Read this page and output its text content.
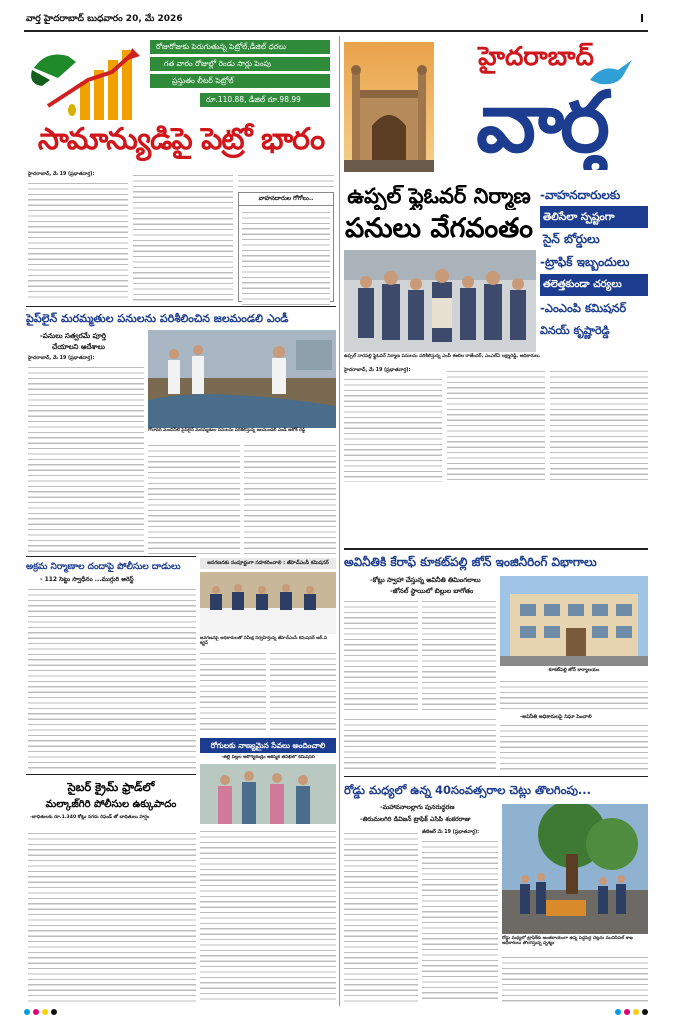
వార్త హైదరాబాద్ బుధవారం 20, మే 2026	I
రోజురోజుకు పెరుగుతున్న పెట్రోల్,డీజిల్ ధరలు
గత వారం రోజుల్లో రెండు సార్లు పెంపు
ప్రస్తుతం లీటర్ పెట్రోల్
రూ.110.88, డీజిల్ రూ.98.99
సామాన్యుడిపై పెట్రో భారం
హైదరాబాద్, మే 19 (ప్రభాతవార్త):
వాహనదారుల గోగోలు..
హైదరాబాద్
వార్త
ఉప్పల్ ఫ్లైఓవర్ నిర్మాణ
పనులు వేగవంతం
-వాహనదారులకు
తెలిసేలా స్పష్టంగా
సైన్ బోర్డులు
-ట్రాఫిక్ ఇబ్బందులు
తలెత్తకుండా చర్యలు
-ఎంఎంపి కమిషనర్
వినయ్ కృష్ణారెడ్డి
ఉప్పల్ నారపల్లి ఫ్లైఓవర్ నిర్మాణ పనులను పరిశీలిస్తున్న ఎంపీ ఈటెల రాజేందర్, ఎంఎల్ఏ లక్ష్మారెడ్డి, అధికారులు
హైదరాబాద్, మే 19 (ప్రభాతవార్త):
పైప్‌లైన్ మరమ్మతుల పనులను పరిశీలించిన జలమండలి ఎండీ
-పనులు సత్వరమే పూర్తి
చేయాలని ఆదేశాలు
హైదరాబాద్, మే 19 (ప్రభాతవార్త):
గోదావరి మంచినీటి పైప్‌లైన్ మరమ్మతుల పనులను పరిశీలిస్తున్న జలమండలి ఎండీ అశోక్ రెడ్డి
అక్రమ నిర్మాణాల దందాపై పోలీసుల దాడులు
- 112 సెట్టు స్వాధీనం ...ముగ్గురి అరెస్ట్
జనగణనకు సంపూర్ణంగా సహకరించాలి : జీహెచ్ఎంసీ కమిషనర్
జనగణనపై అధికారులతో సమీక్ష నిర్వహిస్తున్న జీహెచ్ఎంసీ కమిషనర్ ఆర్.వి కర్ణన్
రోగులకు నాణ్యమైన సేవలు అందించాలి
-తల్లి పిల్లల ఆరోగ్యకేంద్రం ఆకస్మిక తనిఖీలో కమిషనర్
సైబర్ క్రైమ్ ఫ్రాడ్‌లో
మల్కాజ్‌గిరి పోలీసుల ఉక్కుపాదం
-బాధితులకు రూ.1.340 కోట్లు నగదు రిఫండ్ తో బాధితులు హర్షం
అవినీతికి కేరాఫ్ కూకట్‌పల్లి జోన్ ఇంజినీరింగ్ విభాగాలు
-కోట్లు స్వాహా చేస్తున్న అవినీతి తిమింగలాలు
-జోనల్ స్థాయిలో బిల్లుల బాగోతం
కూకట్‌పల్లి జోన్ కార్యాలయం
-అవినీతి అధికారులపై నిఘా పెంచాలి
రోడ్డు మధ్యలో ఉన్న 40సంవత్సరాల చెట్లు తొలగింపు...
-మహావనాలల్లాగు పునరుద్ధరణ
-తిరుమలగిరి డివిజన్ ట్రాఫిక్ ఎసిపి శంకరరాజు
జీటిఆర్ మే 19 (ప్రభాతవార్త):
రోడ్డు మధ్యలో ట్రాఫిక్‌కు అంతరాయంగా ఉన్న పెద్దపెద్ద చెట్లను మునిసిపల్ శాఖ అధికారులు తొలగిస్తున్న దృశ్యం
